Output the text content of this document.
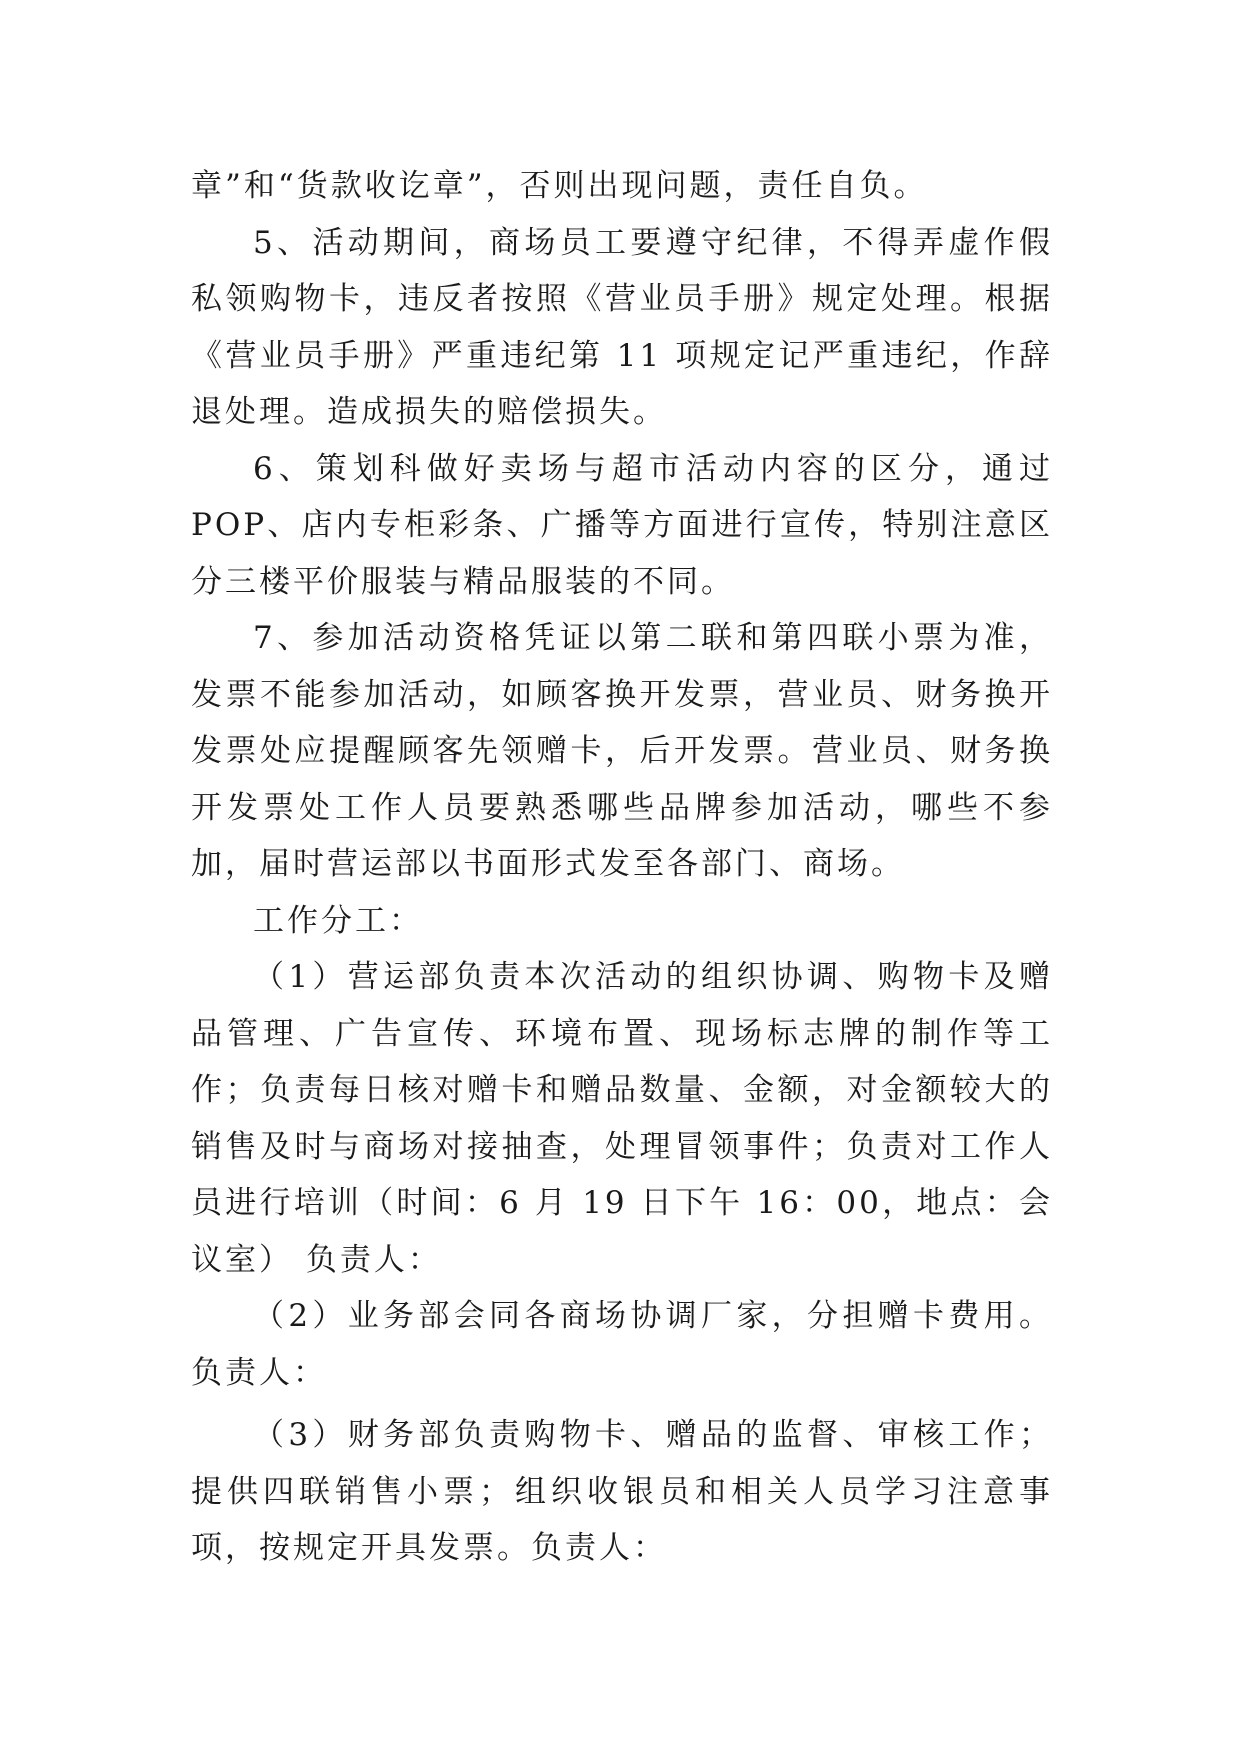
章”和“货款收讫章”，否则出现问题，责任自负。

5、活动期间，商场员工要遵守纪律，不得弄虚作假私领购物卡，违反者按照《营业员手册》规定处理。根据《营业员手册》严重违纪第 11 项规定记严重违纪，作辞退处理。造成损失的赔偿损失。

6、策划科做好卖场与超市活动内容的区分，通过 POP、店内专柜彩条、广播等方面进行宣传，特别注意区分三楼平价服装与精品服装的不同。

7、参加活动资格凭证以第二联和第四联小票为准，发票不能参加活动，如顾客换开发票，营业员、财务换开发票处应提醒顾客先领赠卡，后开发票。营业员、财务换开发票处工作人员要熟悉哪些品牌参加活动，哪些不参加，届时营运部以书面形式发至各部门、商场。

工作分工：

（1）营运部负责本次活动的组织协调、购物卡及赠品管理、广告宣传、环境布置、现场标志牌的制作等工作；负责每日核对赠卡和赠品数量、金额，对金额较大的销售及时与商场对接抽查，处理冒领事件；负责对工作人员进行培训（时间：6 月 19 日下午 16：00，地点：会议室） 负责人：

（2）业务部会同各商场协调厂家，分担赠卡费用。负责人：

（3）财务部负责购物卡、赠品的监督、审核工作；提供四联销售小票；组织收银员和相关人员学习注意事项，按规定开具发票。负责人：
